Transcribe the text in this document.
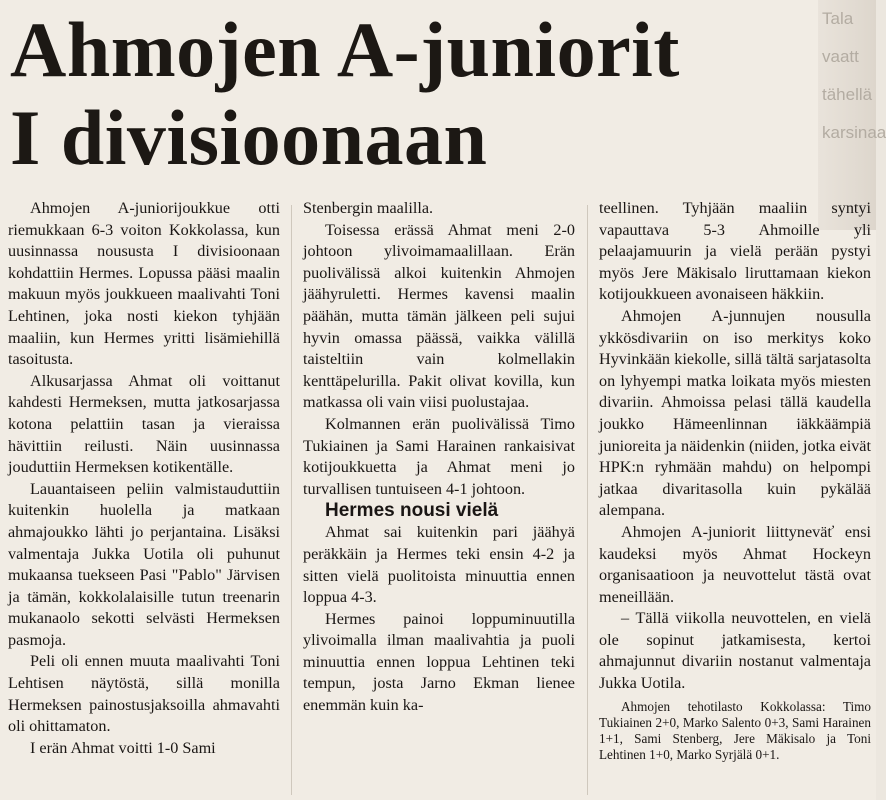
Tala
vaatt
tähellä
karsinaa
Ahmojen A-juniorit
I divisioonaan

Ahmojen A-juniorijoukkue otti riemukkaan 6-3 voiton Kokkolassa, kun uusinnassa noususta I divisioonaan kohdattiin Hermes. Lopussa pääsi maalin makuun myös joukkueen maalivahti Toni Lehtinen, joka nosti kiekon tyhjään maaliin, kun Hermes yritti lisämiehillä tasoitusta.

Alkusarjassa Ahmat oli voittanut kahdesti Hermeksen, mutta jatkosarjassa kotona pelattiin tasan ja vieraissa hävittiin reilusti. Näin uusinnassa jouduttiin Hermeksen kotikentälle.

Lauantaiseen peliin valmistauduttiin kuitenkin huolella ja matkaan ahmajoukko lähti jo perjantaina. Lisäksi valmentaja Jukka Uotila oli puhunut mukaansa tuekseen Pasi "Pablo" Järvisen ja tämän, kokkolalaisille tutun treenarin mukanaolo sekotti selvästi Hermeksen pasmoja.

Peli oli ennen muuta maalivahti Toni Lehtisen näytöstä, sillä monilla Hermeksen painostusjaksoilla ahmavahti oli ohittamaton.

I erän Ahmat voitti 1-0 Sami

Stenbergin maalilla.

Toisessa erässä Ahmat meni 2-0 johtoon ylivoimamaalillaan. Erän puolivälissä alkoi kuitenkin Ahmojen jäähyruletti. Hermes kavensi maalin päähän, mutta tämän jälkeen peli sujui hyvin omassa päässä, vaikka välillä taisteltiin vain kolmellakin kenttäpelurilla. Pakit olivat kovilla, kun matkassa oli vain viisi puolustajaa.

Kolmannen erän puolivälissä Timo Tukiainen ja Sami Harainen rankaisivat kotijoukkuetta ja Ahmat meni jo turvallisen tuntuiseen 4-1 johtoon.

Hermes nousi vielä

Ahmat sai kuitenkin pari jäähyä peräkkäin ja Hermes teki ensin 4-2 ja sitten vielä puolitoista minuuttia ennen loppua 4-3.

Hermes painoi loppuminuutilla ylivoimalla ilman maalivahtia ja puoli minuuttia ennen loppua Lehtinen teki tempun, josta Jarno Ekman lienee enemmän kuin ka-

teellinen. Tyhjään maaliin syntyi vapauttava 5-3 Ahmoille yli pelaajamuurin ja vielä perään pystyi myös Jere Mäkisalo liruttamaan kiekon kotijoukkueen avonaiseen häkkiin.

Ahmojen A-junnujen nousulla ykkösdivariin on iso merkitys koko Hyvinkään kiekolle, sillä tältä sarjatasolta on lyhyempi matka loikata myös miesten divariin. Ahmoissa pelasi tällä kaudella joukko Hämeenlinnan iäkkäämpiä junioreita ja näidenkin (niiden, jotka eivät HPK:n ryhmään mahdu) on helpompi jatkaa divaritasolla kuin pykälää alempana.

Ahmojen A-juniorit liittyneväť ensi kaudeksi myös Ahmat Hockeyn organisaatioon ja neuvottelut tästä ovat meneillään.

– Tällä viikolla neuvottelen, en vielä ole sopinut jatkamisesta, kertoi ahmajunnut divariin nostanut valmentaja Jukka Uotila.

Ahmojen tehotilasto Kokkolassa: Timo Tukiainen 2+0, Marko Salento 0+3, Sami Harainen 1+1, Sami Stenberg, Jere Mäkisalo ja Toni Lehtinen 1+0, Marko Syrjälä 0+1.
